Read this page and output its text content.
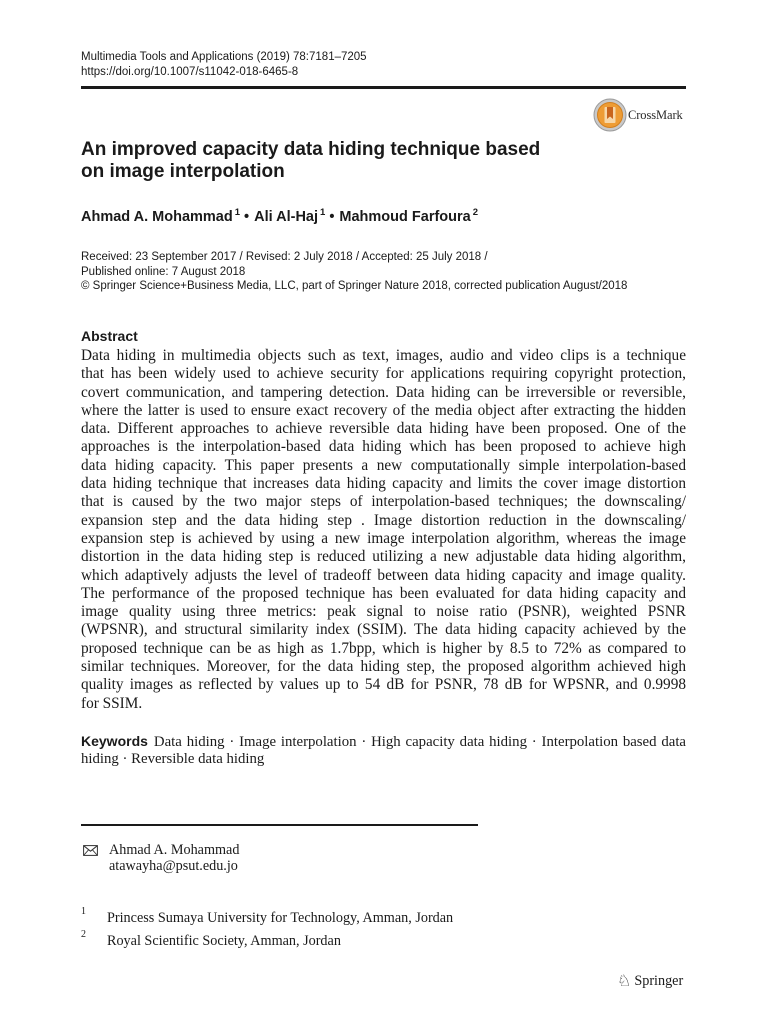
Multimedia Tools and Applications (2019) 78:7181–7205
https://doi.org/10.1007/s11042-018-6465-8
CrossMark
An improved capacity data hiding technique based
on image interpolation
Ahmad A. Mohammad $^1$ • Ali Al-Haj $^1$ • Mahmoud Farfoura $^2$
Received: 23 September 2017 / Revised: 2 July 2018 / Accepted: 25 July 2018 /
Published online: 7 August 2018
© Springer Science+Business Media, LLC, part of Springer Nature 2018, corrected publication August/2018
Abstract
Data hiding in multimedia objects such as text, images, audio and video clips is a technique
that has been widely used to achieve security for applications requiring copyright protection,
covert communication, and tampering detection. Data hiding can be irreversible or reversible,
where the latter is used to ensure exact recovery of the media object after extracting the hidden
data. Different approaches to achieve reversible data hiding have been proposed. One of the
approaches is the interpolation-based data hiding which has been proposed to achieve high
data hiding capacity. This paper presents a new computationally simple interpolation-based
data hiding technique that increases data hiding capacity and limits the cover image distortion
that is caused by the two major steps of interpolation-based techniques; the downscaling/
expansion step and the data hiding step . Image distortion reduction in the downscaling/
expansion step is achieved by using a new image interpolation algorithm, whereas the image
distortion in the data hiding step is reduced utilizing a new adjustable data hiding algorithm,
which adaptively adjusts the level of tradeoff between data hiding capacity and image quality.
The performance of the proposed technique has been evaluated for data hiding capacity and
image quality using three metrics: peak signal to noise ratio (PSNR), weighted PSNR
(WPSNR), and structural similarity index (SSIM). The data hiding capacity achieved by the
proposed technique can be as high as 1.7bpp, which is higher by 8.5 to 72% as compared to
similar techniques. Moreover, for the data hiding step, the proposed algorithm achieved high
quality images as reflected by values up to 54 dB for PSNR, 78 dB for WPSNR, and 0.9998
for SSIM.
Keywords Data hiding · Image interpolation · High capacity data hiding · Interpolation based data
hiding · Reversible data hiding
Ahmad A. Mohammad
atawayha@psut.edu.jo
1 Princess Sumaya University for Technology, Amman, Jordan
2 Royal Scientific Society, Amman, Jordan
♘ Springer
